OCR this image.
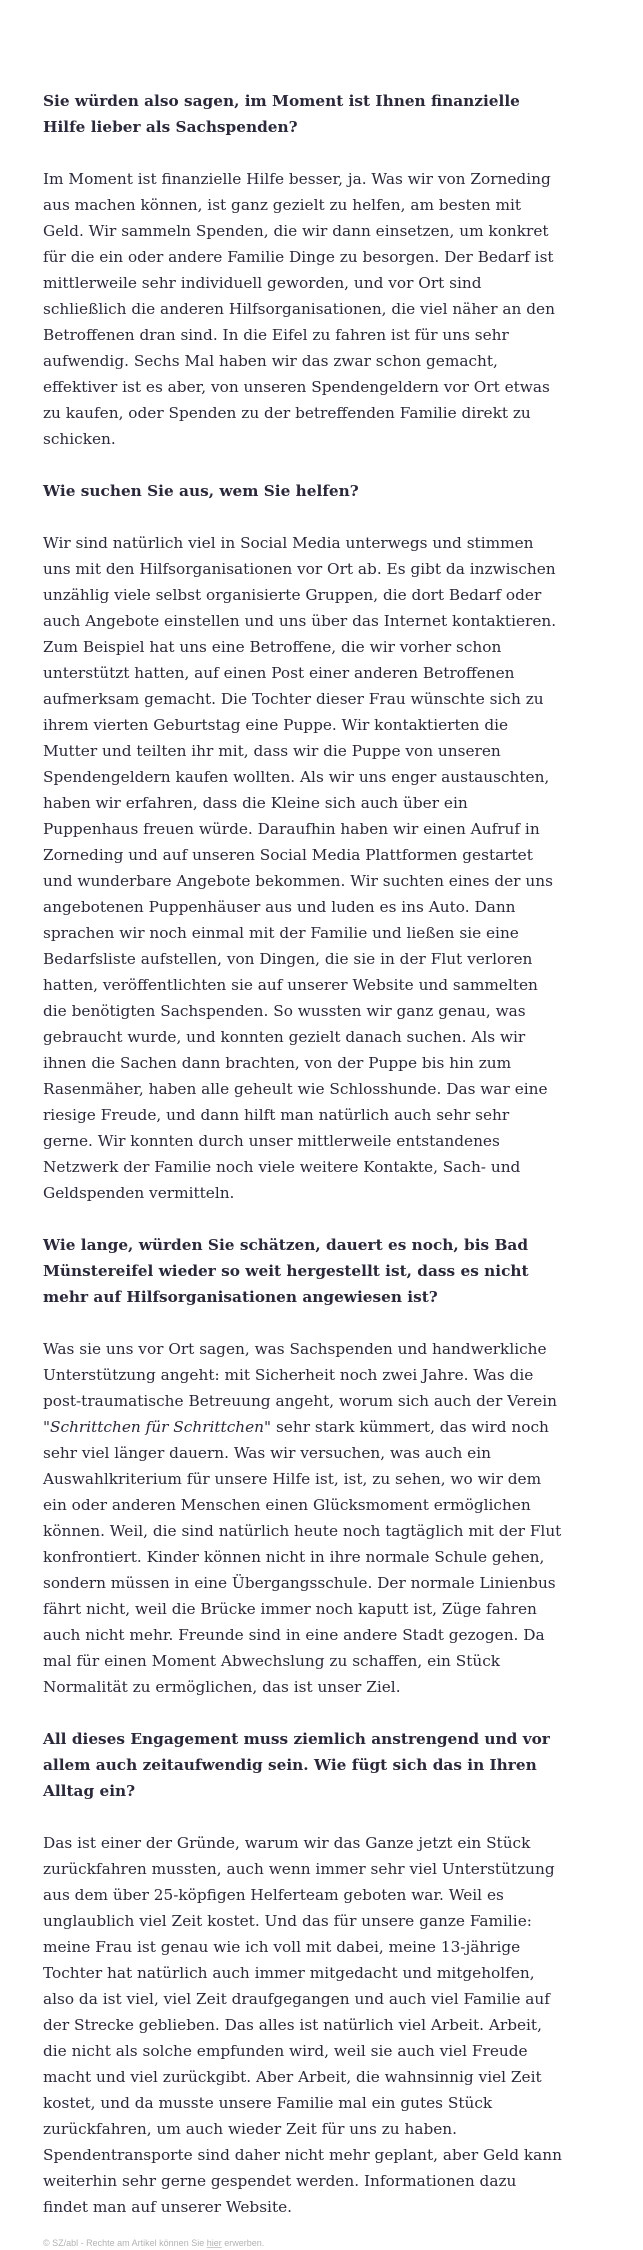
Sie würden also sagen, im Moment ist Ihnen finanzielle Hilfe lieber als Sachspenden?

Im Moment ist finanzielle Hilfe besser, ja. Was wir von Zorneding aus machen können, ist ganz gezielt zu helfen, am besten mit Geld. Wir sammeln Spenden, die wir dann einsetzen, um konkret für die ein oder andere Familie Dinge zu besorgen. Der Bedarf ist mittlerweile sehr individuell geworden, und vor Ort sind schließlich die anderen Hilfsorganisationen, die viel näher an den Betroffenen dran sind. In die Eifel zu fahren ist für uns sehr aufwendig. Sechs Mal haben wir das zwar schon gemacht, effektiver ist es aber, von unseren Spendengeldern vor Ort etwas zu kaufen, oder Spenden zu der betreffenden Familie direkt zu schicken.

Wie suchen Sie aus, wem Sie helfen?

Wir sind natürlich viel in Social Media unterwegs und stimmen uns mit den Hilfsorganisationen vor Ort ab. Es gibt da inzwischen unzählig viele selbst organisierte Gruppen, die dort Bedarf oder auch Angebote einstellen und uns über das Internet kontaktieren. Zum Beispiel hat uns eine Betroffene, die wir vorher schon unterstützt hatten, auf einen Post einer anderen Betroffenen aufmerksam gemacht. Die Tochter dieser Frau wünschte sich zu ihrem vierten Geburtstag eine Puppe. Wir kontaktierten die Mutter und teilten ihr mit, dass wir die Puppe von unseren Spendengeldern kaufen wollten. Als wir uns enger austauschten, haben wir erfahren, dass die Kleine sich auch über ein Puppenhaus freuen würde. Daraufhin haben wir einen Aufruf in Zorneding und auf unseren Social Media Plattformen gestartet und wunderbare Angebote bekommen. Wir suchten eines der uns angebotenen Puppenhäuser aus und luden es ins Auto. Dann sprachen wir noch einmal mit der Familie und ließen sie eine Bedarfsliste aufstellen, von Dingen, die sie in der Flut verloren hatten, veröffentlichten sie auf unserer Website und sammelten die benötigten Sachspenden. So wussten wir ganz genau, was gebraucht wurde, und konnten gezielt danach suchen. Als wir ihnen die Sachen dann brachten, von der Puppe bis hin zum Rasenmäher, haben alle geheult wie Schlosshunde. Das war eine riesige Freude, und dann hilft man natürlich auch sehr sehr gerne. Wir konnten durch unser mittlerweile entstandenes Netzwerk der Familie noch viele weitere Kontakte, Sach- und Geldspenden vermitteln.

Wie lange, würden Sie schätzen, dauert es noch, bis Bad Münstereifel wieder so weit hergestellt ist, dass es nicht mehr auf Hilfsorganisationen angewiesen ist?

Was sie uns vor Ort sagen, was Sachspenden und handwerkliche Unterstützung angeht: mit Sicherheit noch zwei Jahre. Was die post-traumatische Betreuung angeht, worum sich auch der Verein "Schrittchen für Schrittchen" sehr stark kümmert, das wird noch sehr viel länger dauern. Was wir versuchen, was auch ein Auswahlkriterium für unsere Hilfe ist, ist, zu sehen, wo wir dem ein oder anderen Menschen einen Glücksmoment ermöglichen können. Weil, die sind natürlich heute noch tagtäglich mit der Flut konfrontiert. Kinder können nicht in ihre normale Schule gehen, sondern müssen in eine Übergangsschule. Der normale Linienbus fährt nicht, weil die Brücke immer noch kaputt ist, Züge fahren auch nicht mehr. Freunde sind in eine andere Stadt gezogen. Da mal für einen Moment Abwechslung zu schaffen, ein Stück Normalität zu ermöglichen, das ist unser Ziel.

All dieses Engagement muss ziemlich anstrengend und vor allem auch zeitaufwendig sein. Wie fügt sich das in Ihren Alltag ein?

Das ist einer der Gründe, warum wir das Ganze jetzt ein Stück zurückfahren mussten, auch wenn immer sehr viel Unterstützung aus dem über 25-köpfigen Helferteam geboten war. Weil es unglaublich viel Zeit kostet. Und das für unsere ganze Familie: meine Frau ist genau wie ich voll mit dabei, meine 13-jährige Tochter hat natürlich auch immer mitgedacht und mitgeholfen, also da ist viel, viel Zeit draufgegangen und auch viel Familie auf der Strecke geblieben. Das alles ist natürlich viel Arbeit. Arbeit, die nicht als solche empfunden wird, weil sie auch viel Freude macht und viel zurückgibt. Aber Arbeit, die wahnsinnig viel Zeit kostet, und da musste unsere Familie mal ein gutes Stück zurückfahren, um auch wieder Zeit für uns zu haben. Spendentransporte sind daher nicht mehr geplant, aber Geld kann weiterhin sehr gerne gespendet werden. Informationen dazu findet man auf unserer Website.

© SZ/abl - Rechte am Artikel können Sie hier erwerben.
